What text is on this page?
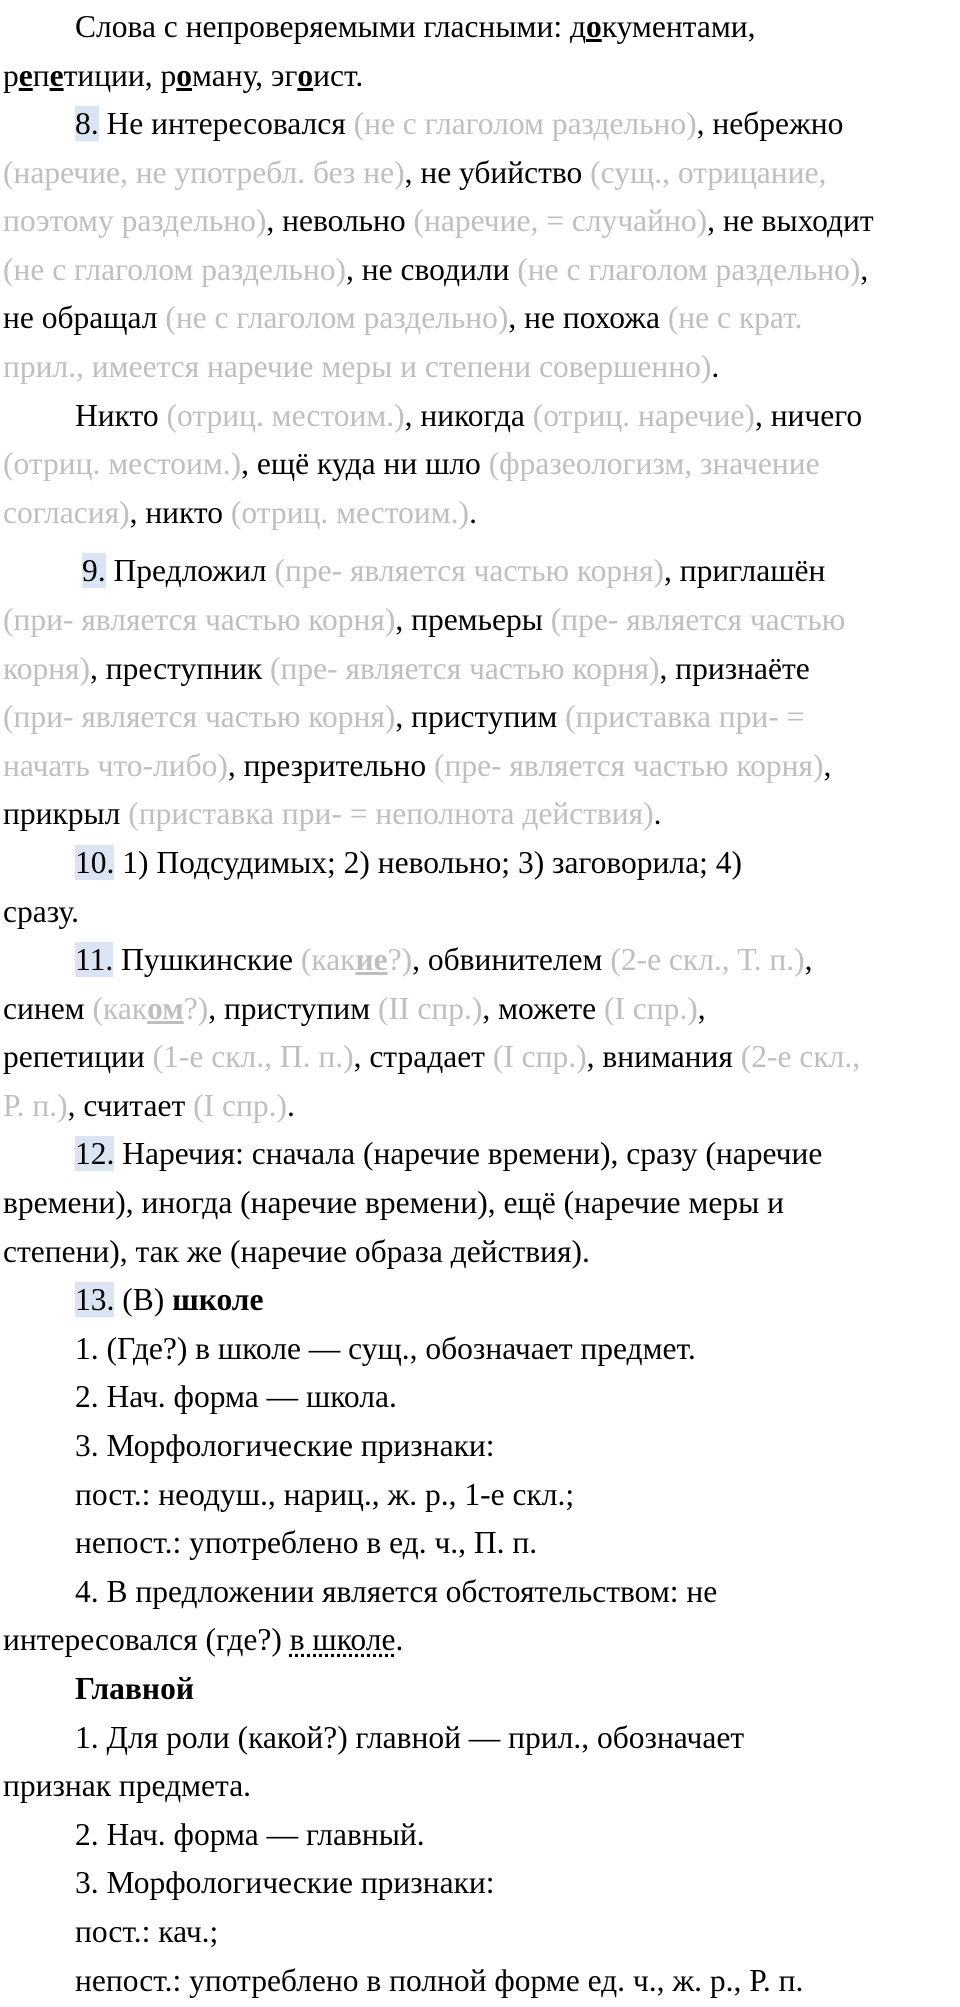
Слова с непроверяемыми гласными: документами,
репетиции, роману, эгоист.
8. Не интересовался (не с глаголом раздельно), небрежно
(наречие, не употребл. без не), не убийство (сущ., отрицание,
поэтому раздельно), невольно (наречие, = случайно), не выходит
(не с глаголом раздельно), не сводили (не с глаголом раздельно),
не обращал (не с глаголом раздельно), не похожа (не с крат.
прил., имеется наречие меры и степени совершенно).
Никто (отриц. местоим.), никогда (отриц. наречие), ничего
(отриц. местоим.), ещё куда ни шло (фразеологизм, значение
согласия), никто (отриц. местоим.).
9. Предложил (пре- является частью корня), приглашён
(при- является частью корня), премьеры (пре- является частью
корня), преступник (пре- является частью корня), признаёте
(при- является частью корня), приступим (приставка при- =
начать что-либо), презрительно (пре- является частью корня),
прикрыл (приставка при- = неполнота действия).
10. 1) Подсудимых; 2) невольно; 3) заговорила; 4)
сразу.
11. Пушкинские (какие?), обвинителем (2-е скл., Т. п.),
синем (каком?), приступим (II спр.), можете (I спр.),
репетиции (1-е скл., П. п.), страдает (I спр.), внимания (2-е скл.,
Р. п.), считает (I спр.).
12. Наречия: сначала (наречие времени), сразу (наречие
времени), иногда (наречие времени), ещё (наречие меры и
степени), так же (наречие образа действия).
13. (В) школе
1. (Где?) в школе — сущ., обозначает предмет.
2. Нач. форма — школа.
3. Морфологические признаки:
пост.: неодуш., нариц., ж. р., 1-е скл.;
непост.: употреблено в ед. ч., П. п.
4. В предложении является обстоятельством: не
интересовался (где?) в школе.
Главной
1. Для роли (какой?) главной — прил., обозначает
признак предмета.
2. Нач. форма — главный.
3. Морфологические признаки:
пост.: кач.;
непост.: употреблено в полной форме ед. ч., ж. р., Р. п.
